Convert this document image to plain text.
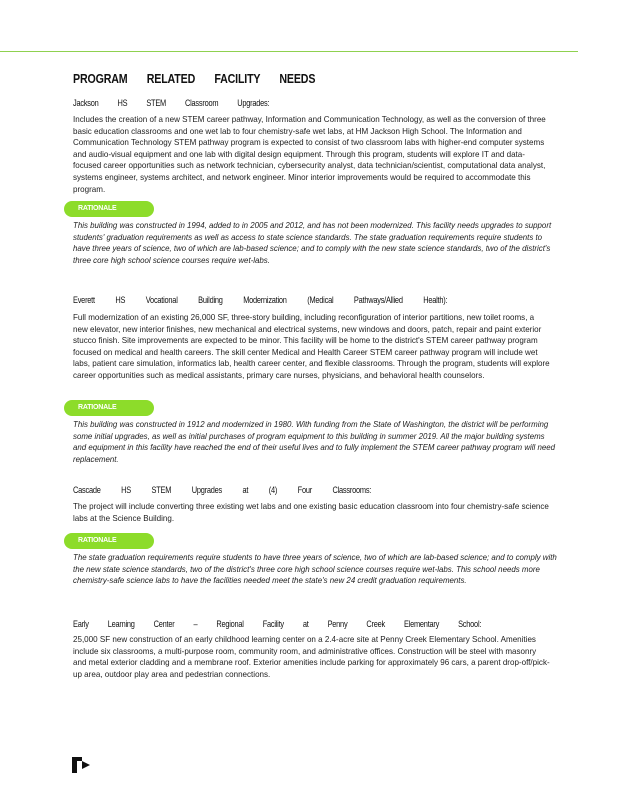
PROGRAM RELATED FACILITY NEEDS
Jackson HS STEM Classroom Upgrades:
Includes the creation of a new STEM career pathway, Information and Communication Technology, as well as the conversion of three basic education classrooms and one wet lab to four chemistry-safe wet labs, at HM Jackson High School. The Information and Communication Technology STEM pathway program is expected to consist of two classroom labs with higher-end computer systems and audio-visual equipment and one lab with digital design equipment. Through this program, students will explore IT and data-focused career opportunities such as network technician, cybersecurity analyst, data technician/scientist, computational data analyst, systems engineer, systems architect, and network engineer. Minor interior improvements would be required to accommodate this program.
RATIONALE
This building was constructed in 1994, added to in 2005 and 2012, and has not been modernized. This facility needs upgrades to support students' graduation requirements as well as access to state science standards. The state graduation requirements require students to have three years of science, two of which are lab-based science; and to comply with the new state science standards, two of the district's three core high school science courses require wet-labs.
Everett HS Vocational Building Modernization (Medical Pathways/Allied Health):
Full modernization of an existing 26,000 SF, three-story building, including reconfiguration of interior partitions, new toilet rooms, a new elevator, new interior finishes, new mechanical and electrical systems, new windows and doors, patch, repair and paint exterior stucco finish. Site improvements are expected to be minor. This facility will be home to the district's STEM career pathway program focused on medical and health careers. The skill center Medical and Health Career STEM career pathway program will include wet labs, patient care simulation, informatics lab, health career center, and flexible classrooms. Through the program, students will explore career opportunities such as medical assistants, primary care nurses, physicians, and behavioral health counselors.
RATIONALE
This building was constructed in 1912 and modernized in 1980. With funding from the State of Washington, the district will be performing some initial upgrades, as well as initial purchases of program equipment to this building in summer 2019. All the major building systems and equipment in this facility have reached the end of their useful lives and to fully implement the STEM career pathway program will need replacement.
Cascade HS STEM Upgrades at (4) Four Classrooms:
The project will include converting three existing wet labs and one existing basic education classroom into four chemistry-safe science labs at the Science Building.
RATIONALE
The state graduation requirements require students to have three years of science, two of which are lab-based science; and to comply with the new state science standards, two of the district's three core high school science courses require wet-labs. This school needs more chemistry-safe science labs to have the facilities needed meet the state's new 24 credit graduation requirements.
Early Learning Center – Regional Facility at Penny Creek Elementary School:
25,000 SF new construction of an early childhood learning center on a 2.4-acre site at Penny Creek Elementary School. Amenities include six classrooms, a multi-purpose room, community room, and administrative offices. Construction will be steel with masonry and metal exterior cladding and a membrane roof. Exterior amenities include parking for approximately 96 cars, a parent drop-off/pick-up area, outdoor play area and pedestrian connections.
